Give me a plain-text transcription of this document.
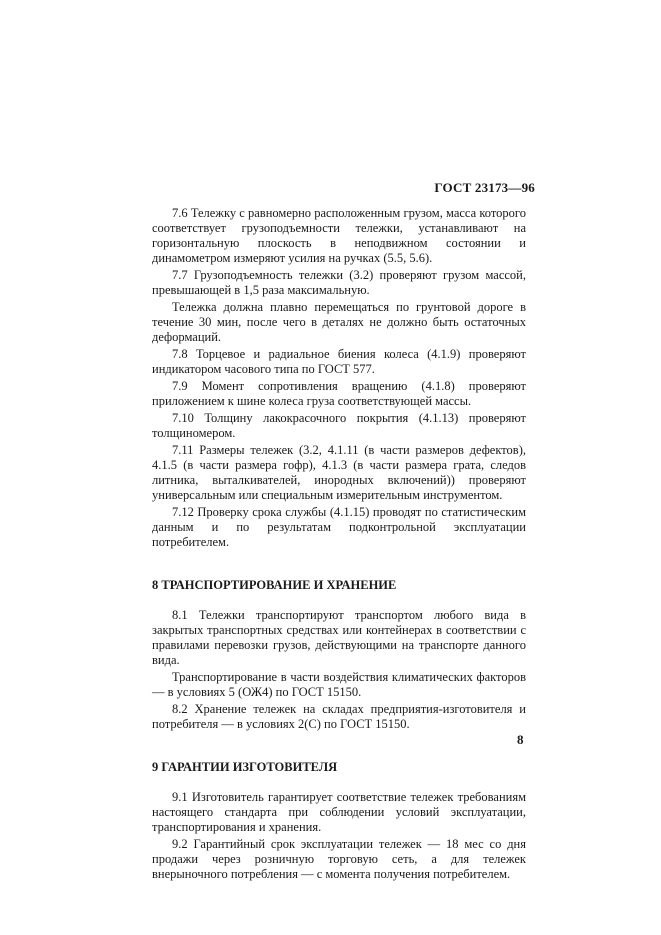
ГОСТ 23173—96

7.6 Тележку с равномерно расположенным грузом, масса которого соответствует грузоподъемности тележки, устанавливают на горизонтальную плоскость в неподвижном состоянии и динамометром измеряют усилия на ручках (5.5, 5.6).

7.7 Грузоподъемность тележки (3.2) проверяют грузом массой, превышающей в 1,5 раза максимальную.

Тележка должна плавно перемещаться по грунтовой дороге в течение 30 мин, после чего в деталях не должно быть остаточных деформаций.

7.8 Торцевое и радиальное биения колеса (4.1.9) проверяют индикатором часового типа по ГОСТ 577.

7.9 Момент сопротивления вращению (4.1.8) проверяют приложением к шине колеса груза соответствующей массы.

7.10 Толщину лакокрасочного покрытия (4.1.13) проверяют толщиномером.

7.11 Размеры тележек (3.2, 4.1.11 (в части размеров дефектов), 4.1.5 (в части размера гофр), 4.1.3 (в части размера грата, следов литника, выталкивателей, инородных включений)) проверяют универсальным или специальным измерительным инструментом.

7.12 Проверку срока службы (4.1.15) проводят по статистическим данным и по результатам подконтрольной эксплуатации потребителем.

8 ТРАНСПОРТИРОВАНИЕ И ХРАНЕНИЕ

8.1 Тележки транспортируют транспортом любого вида в закрытых транспортных средствах или контейнерах в соответствии с правилами перевозки грузов, действующими на транспорте данного вида.

Транспортирование в части воздействия климатических факторов — в условиях 5 (ОЖ4) по ГОСТ 15150.

8.2 Хранение тележек на складах предприятия-изготовителя и потребителя — в условиях 2(С) по ГОСТ 15150.

9 ГАРАНТИИ ИЗГОТОВИТЕЛЯ

9.1 Изготовитель гарантирует соответствие тележек требованиям настоящего стандарта при соблюдении условий эксплуатации, транспортирования и хранения.

9.2 Гарантийный срок эксплуатации тележек — 18 мес со дня продажи через розничную торговую сеть, а для тележек внерыночного потребления — с момента получения потребителем.

8
